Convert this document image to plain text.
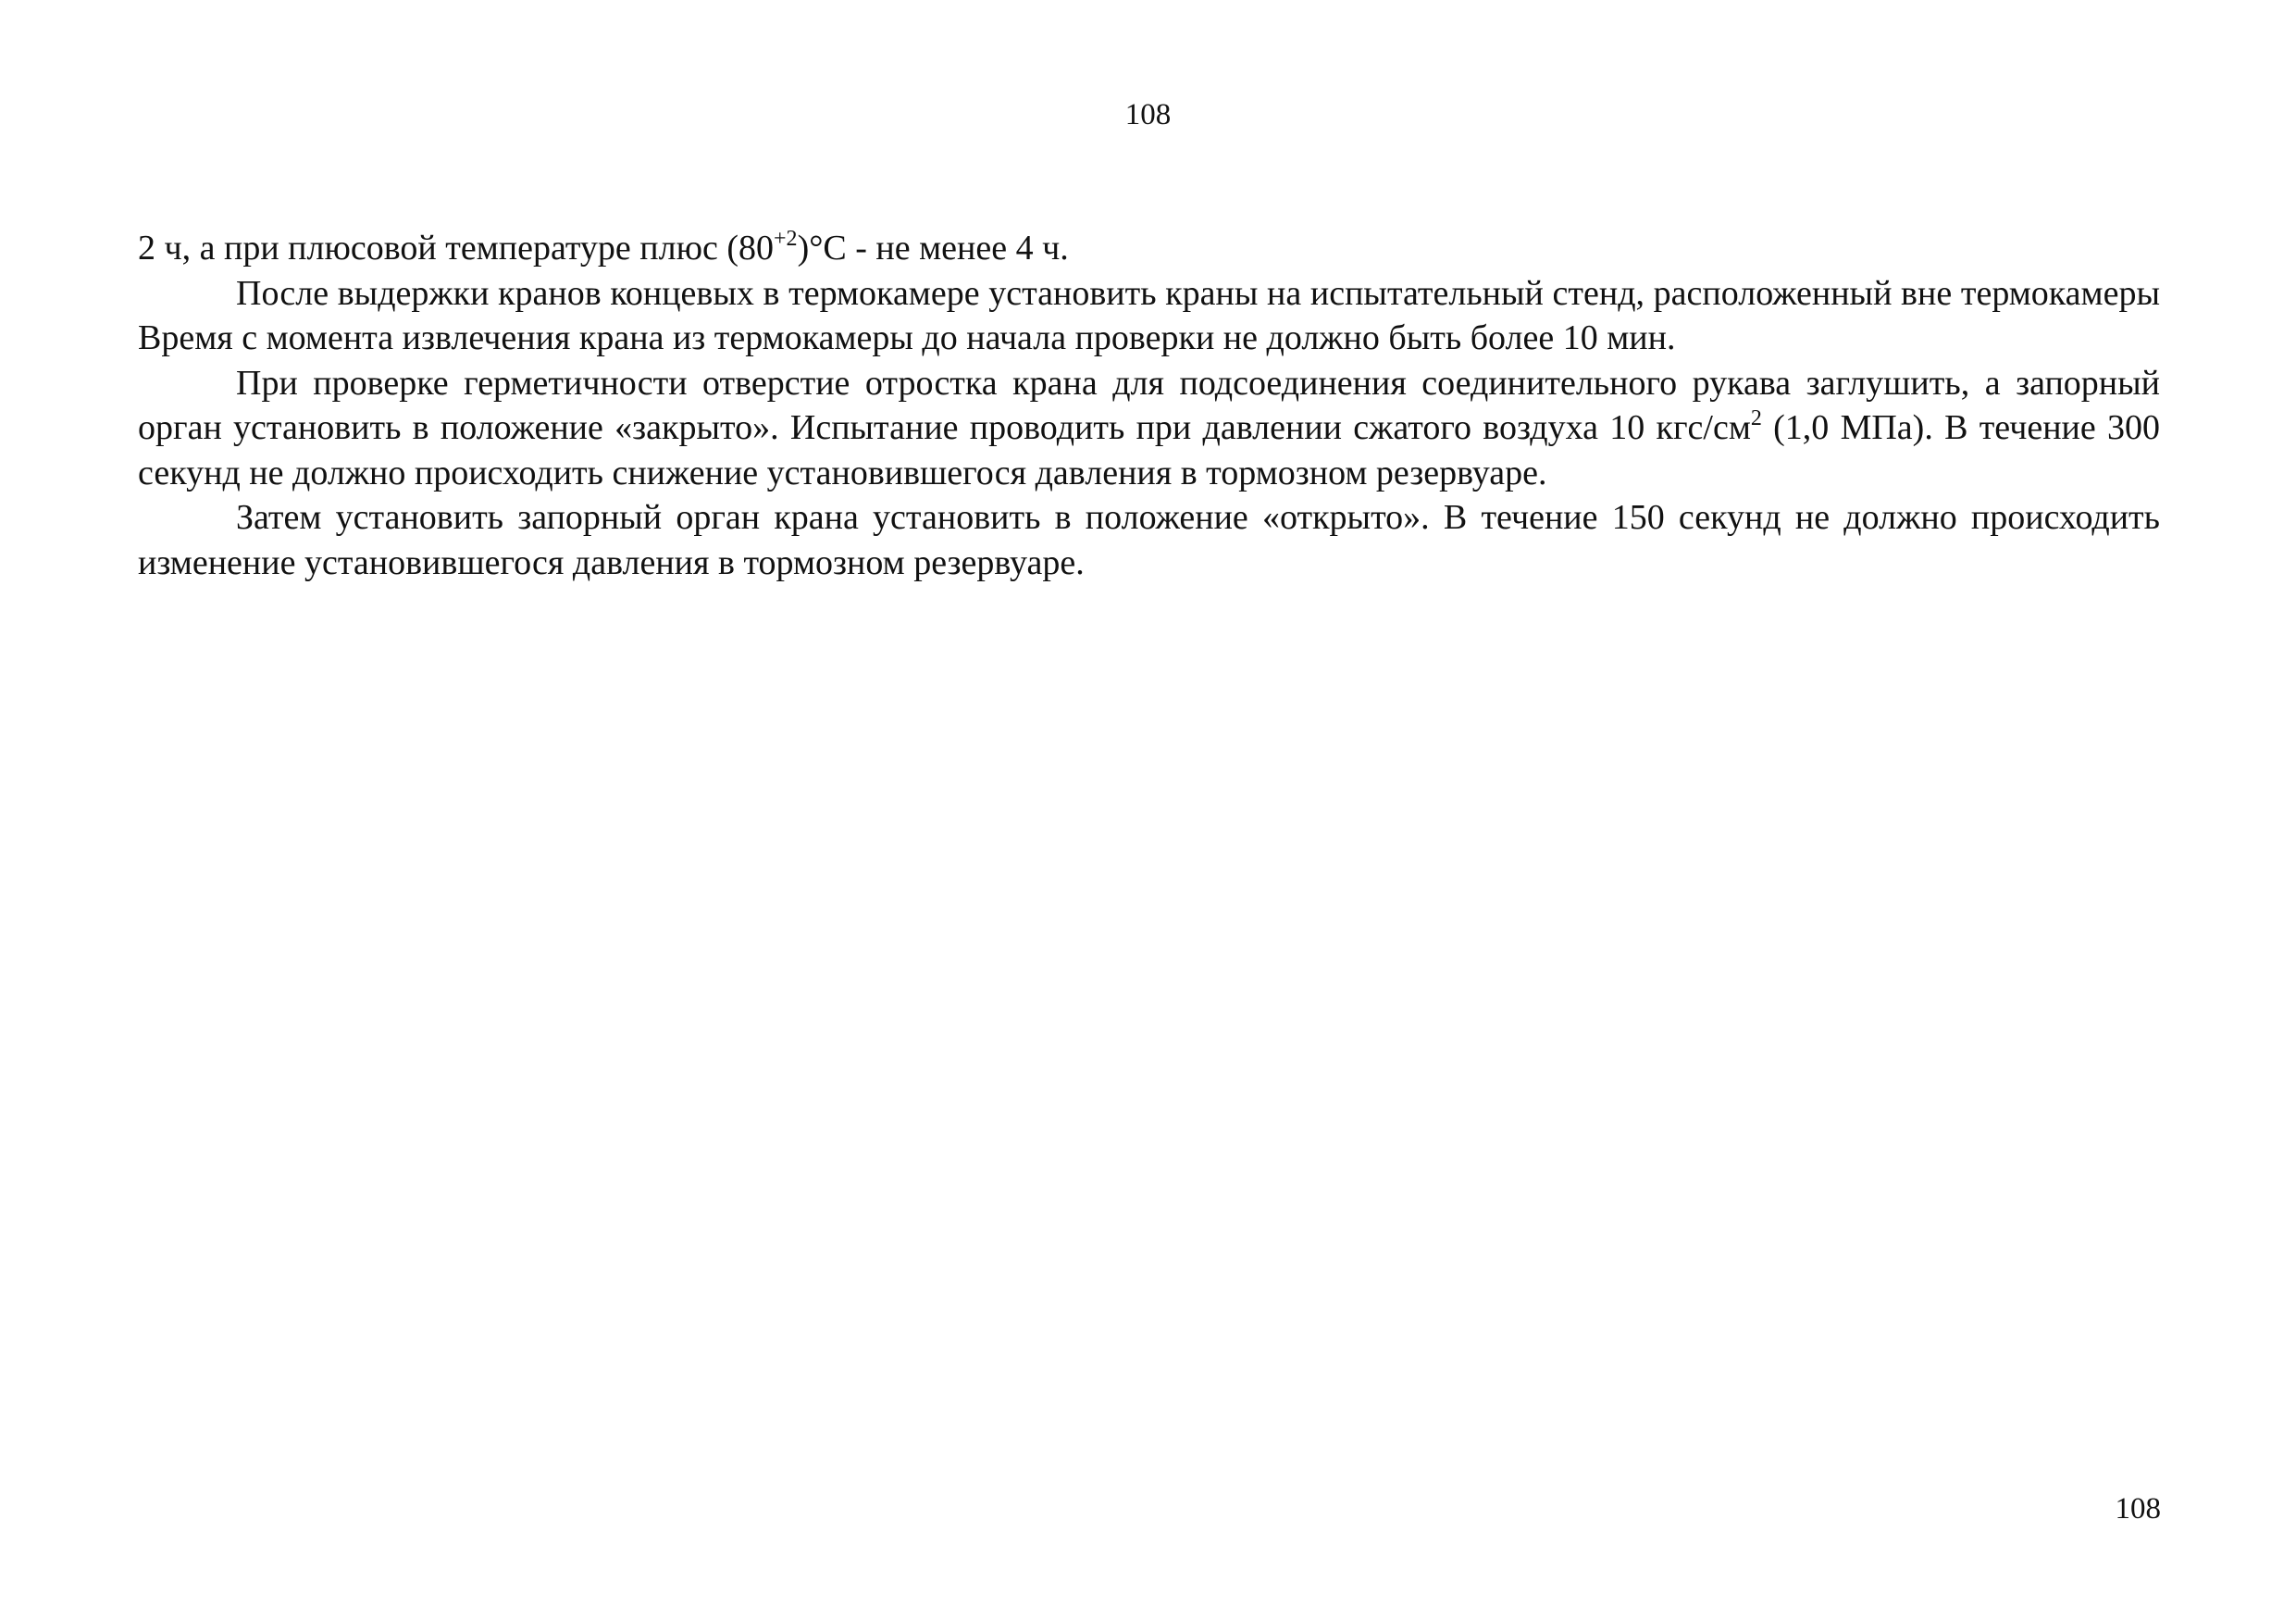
108

2 ч, а при плюсовой температуре плюс $(80^{+2})^\circ С$ - не менее 4 ч.

После выдержки кранов концевых в термокамере установить краны на испытательный стенд, расположенный вне термокамеры Время с момента извлечения крана из термокамеры до начала проверки не должно быть более 10 мин.

При проверке герметичности отверстие отростка крана для подсоединения соединительного рукава заглушить, а запорный орган установить в положение «закрыто». Испытание проводить при давлении сжатого воздуха 10 кгс/$см^2$ (1,0 МПа). В течение 300 секунд не должно происходить снижение установившегося давления в тормозном резервуаре.

Затем установить запорный орган крана установить в положение «открыто». В течение 150 секунд не должно происходить изменение установившегося давления в тормозном резервуаре.

108
